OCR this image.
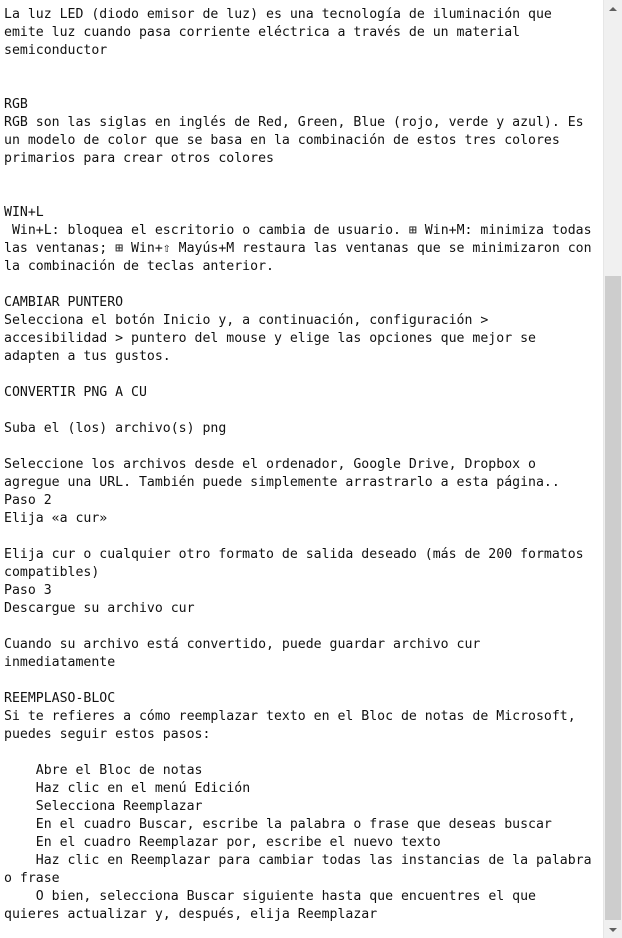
La luz LED (diodo emisor de luz) es una tecnología de iluminación que
emite luz cuando pasa corriente eléctrica a través de un material
semiconductor
RGB
RGB son las siglas en inglés de Red, Green, Blue (rojo, verde y azul). Es
un modelo de color que se basa en la combinación de estos tres colores
primarios para crear otros colores
WIN+L
Win+L: bloquea el escritorio o cambia de usuario. ⊞ Win+M: minimiza todas
las ventanas; ⊞ Win+⇧ Mayús+M restaura las ventanas que se minimizaron con
la combinación de teclas anterior.
CAMBIAR PUNTERO
Selecciona el botón Inicio y, a continuación, configuración >
accesibilidad > puntero del mouse y elige las opciones que mejor se
adapten a tus gustos.
CONVERTIR PNG A CU
Suba el (los) archivo(s) png
Seleccione los archivos desde el ordenador, Google Drive, Dropbox o
agregue una URL. También puede simplemente arrastrarlo a esta página..
Paso 2
Elija «a cur»
Elija cur o cualquier otro formato de salida deseado (más de 200 formatos
compatibles)
Paso 3
Descargue su archivo cur
Cuando su archivo está convertido, puede guardar archivo cur
inmediatamente
REEMPLASO-BLOC
Si te refieres a cómo reemplazar texto en el Bloc de notas de Microsoft,
puedes seguir estos pasos:
Abre el Bloc de notas
Haz clic en el menú Edición
Selecciona Reemplazar
En el cuadro Buscar, escribe la palabra o frase que deseas buscar
En el cuadro Reemplazar por, escribe el nuevo texto
Haz clic en Reemplazar para cambiar todas las instancias de la palabra
o frase
O bien, selecciona Buscar siguiente hasta que encuentres el que
quieres actualizar y, después, elija Reemplazar
